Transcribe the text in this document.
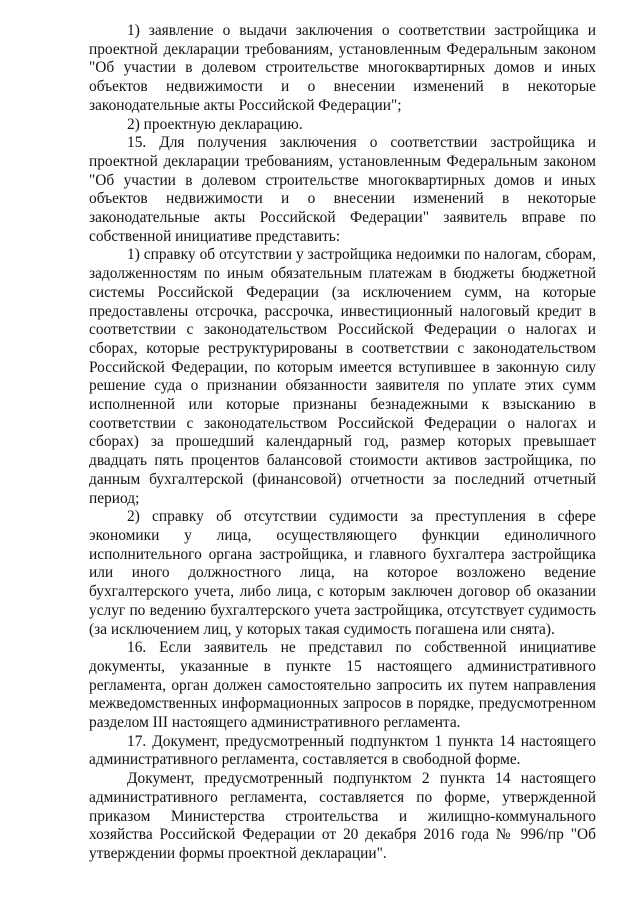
1) заявление о выдачи заключения о соответствии застройщика и проектной декларации требованиям, установленным Федеральным законом "Об участии в долевом строительстве многоквартирных домов и иных объектов недвижимости и о внесении изменений в некоторые законодательные акты Российской Федерации";

2) проектную декларацию.

15. Для получения заключения о соответствии застройщика и проектной декларации требованиям, установленным Федеральным законом "Об участии в долевом строительстве многоквартирных домов и иных объектов недвижимости и о внесении изменений в некоторые законодательные акты Российской Федерации" заявитель вправе по собственной инициативе представить:

1) справку об отсутствии у застройщика недоимки по налогам, сборам, задолженностям по иным обязательным платежам в бюджеты бюджетной системы Российской Федерации (за исключением сумм, на которые предоставлены отсрочка, рассрочка, инвестиционный налоговый кредит в соответствии с законодательством Российской Федерации о налогах и сборах, которые реструктурированы в соответствии с законодательством Российской Федерации, по которым имеется вступившее в законную силу решение суда о признании обязанности заявителя по уплате этих сумм исполненной или которые признаны безнадежными к взысканию в соответствии с законодательством Российской Федерации о налогах и сборах) за прошедший календарный год, размер которых превышает двадцать пять процентов балансовой стоимости активов застройщика, по данным бухгалтерской (финансовой) отчетности за последний отчетный период;

2) справку об отсутствии судимости за преступления в сфере экономики у лица, осуществляющего функции единоличного исполнительного органа застройщика, и главного бухгалтера застройщика или иного должностного лица, на которое возложено ведение бухгалтерского учета, либо лица, с которым заключен договор об оказании услуг по ведению бухгалтерского учета застройщика, отсутствует судимость (за исключением лиц, у которых такая судимость погашена или снята).

16. Если заявитель не представил по собственной инициативе документы, указанные в пункте 15 настоящего административного регламента, орган должен самостоятельно запросить их путем направления межведомственных информационных запросов в порядке, предусмотренном разделом III настоящего административного регламента.

17. Документ, предусмотренный подпунктом 1 пункта 14 настоящего административного регламента, составляется в свободной форме.

Документ, предусмотренный подпунктом 2 пункта 14 настоящего административного регламента, составляется по форме, утвержденной приказом Министерства строительства и жилищно-коммунального хозяйства Российской Федерации от 20 декабря 2016 года № 996/пр "Об утверждении формы проектной декларации".
